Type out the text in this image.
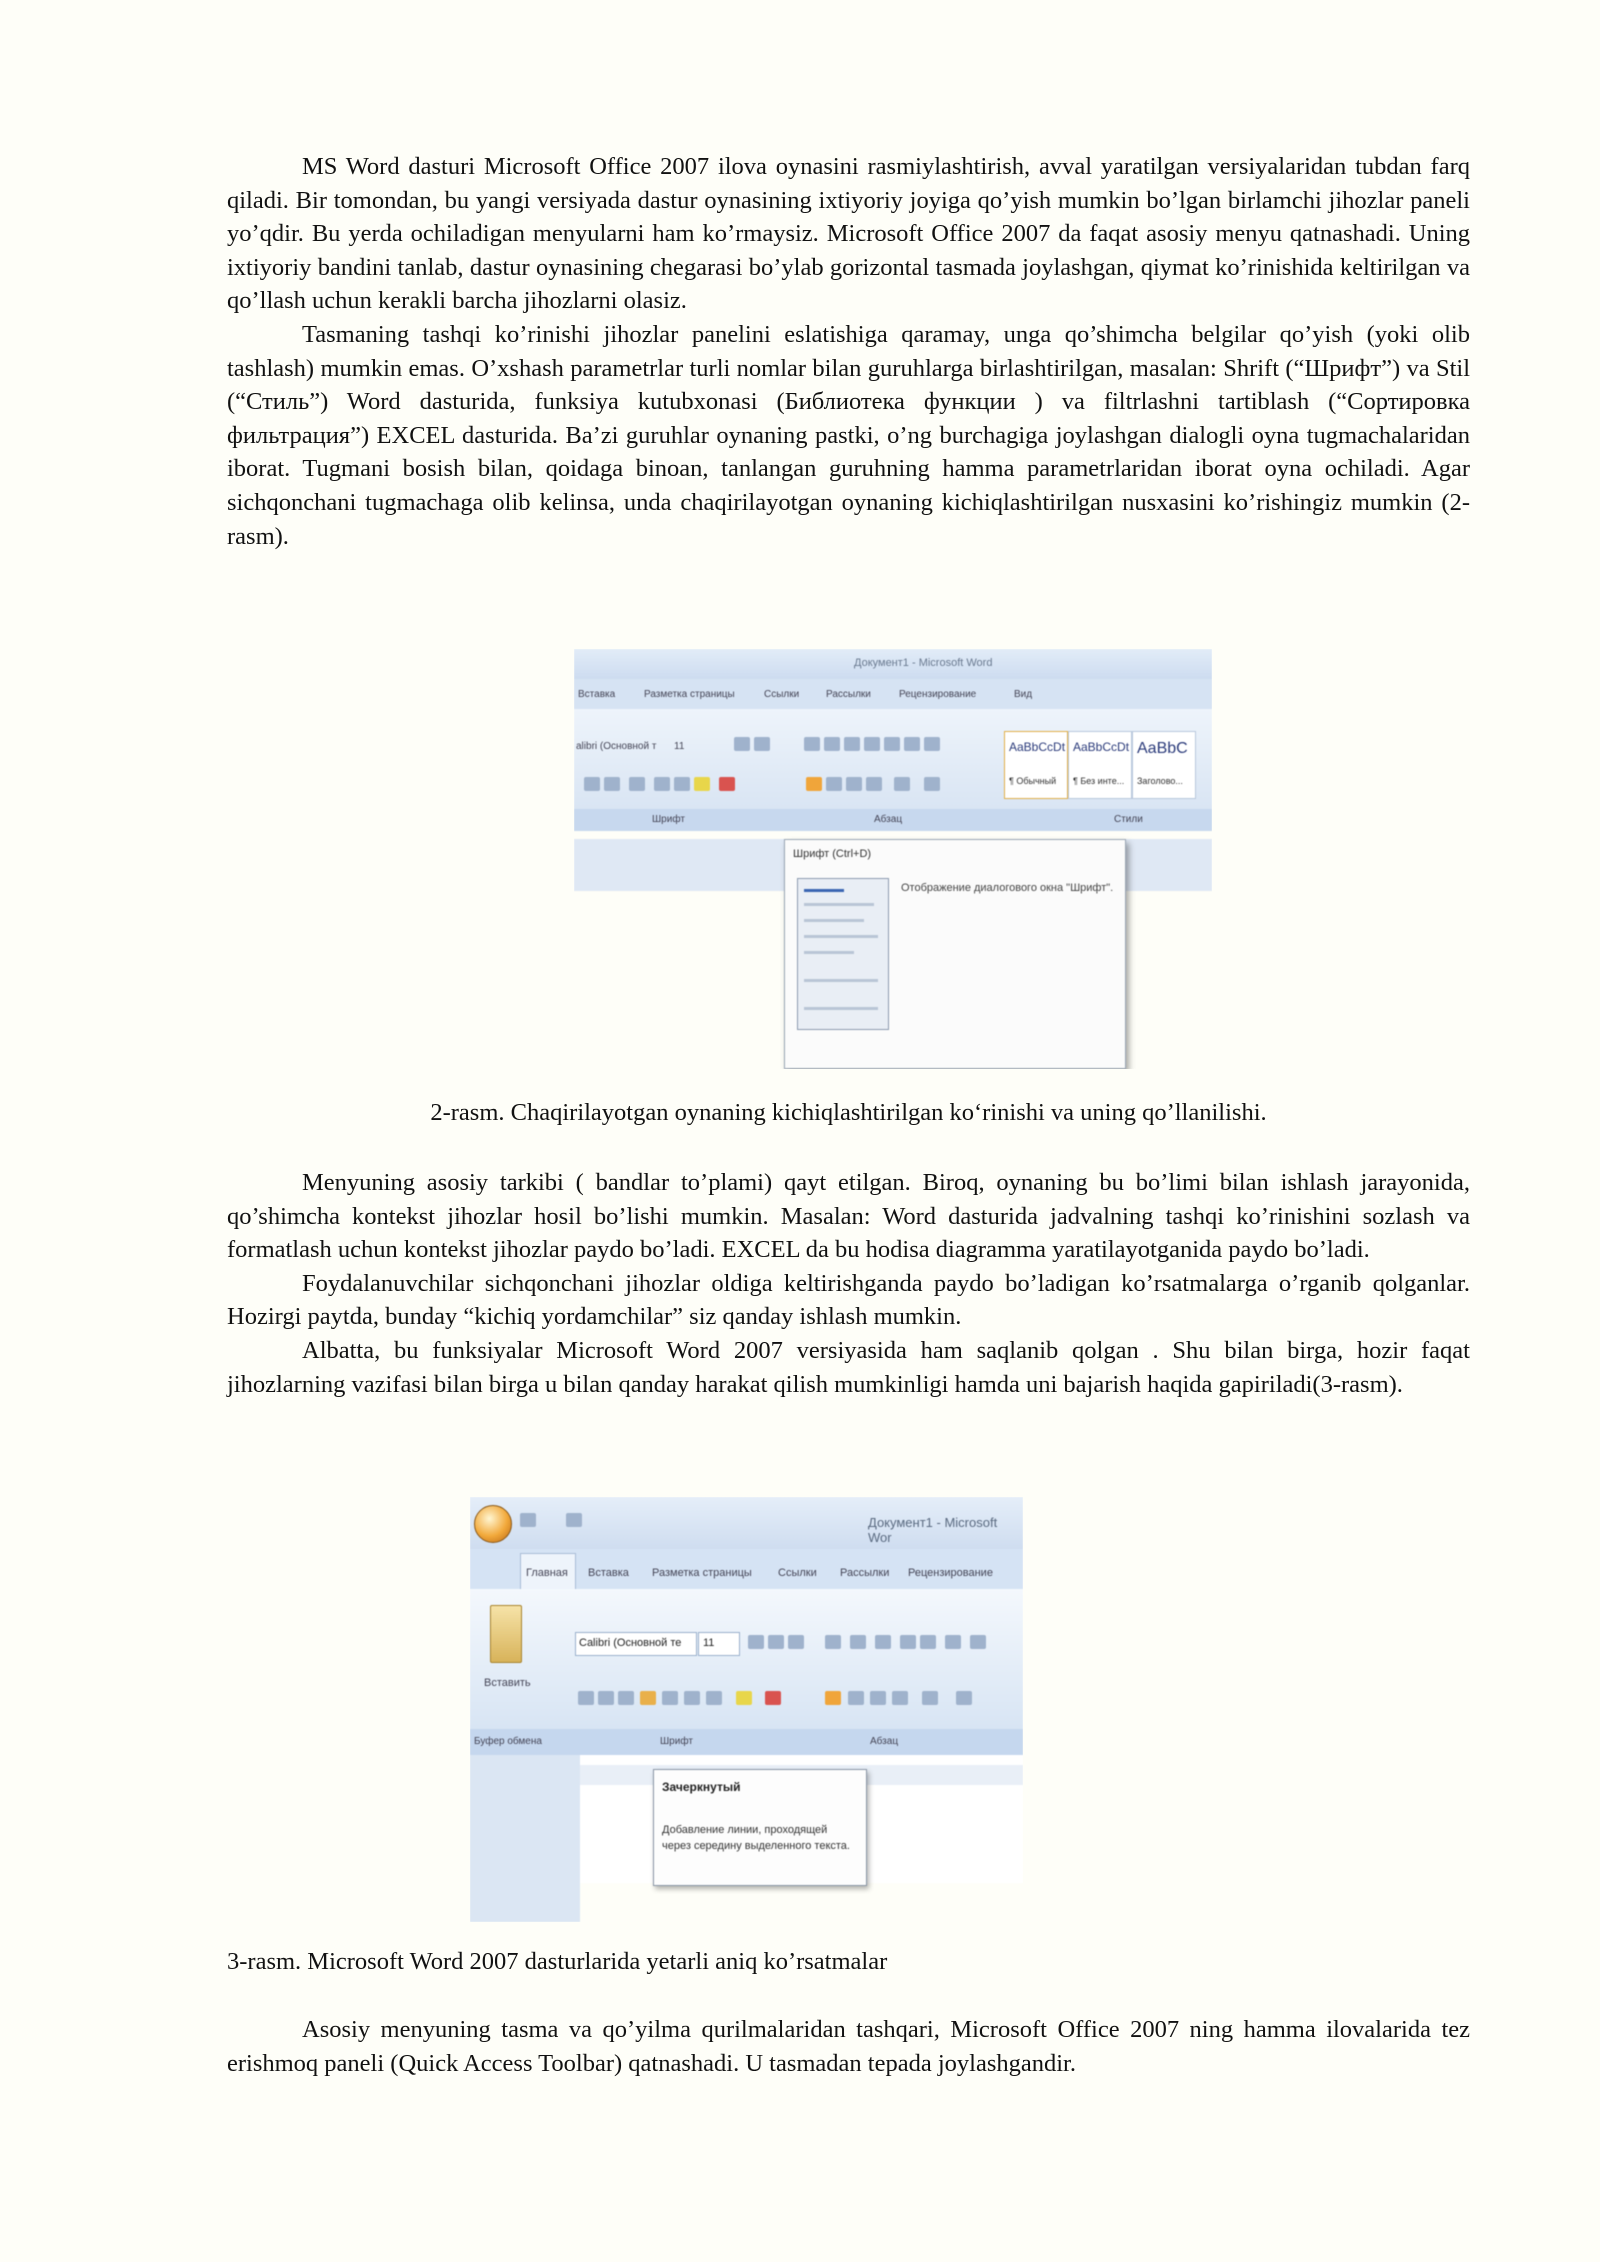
MS Word dasturi Microsoft Office 2007 ilova oynasini rasmiylashtirish, avval yaratilgan versiyalaridan tubdan farq qiladi. Bir tomondan, bu yangi versiyada dastur oynasining ixtiyoriy joyiga qo’yish mumkin bo’lgan birlamchi jihozlar paneli yo’qdir. Bu yerda ochiladigan menyularni ham ko’rmaysiz. Microsoft Office 2007 da faqat asosiy menyu qatnashadi. Uning ixtiyoriy bandini tanlab, dastur oynasining chegarasi bo’ylab gorizontal tasmada joylashgan, qiymat ko’rinishida keltirilgan va qo’llash uchun kerakli barcha jihozlarni olasiz.

Tasmaning tashqi ko’rinishi jihozlar panelini eslatishiga qaramay, unga qo’shimcha belgilar qo’yish (yoki olib tashlash) mumkin emas. O’xshash parametrlar turli nomlar bilan guruhlarga birlashtirilgan, masalan: Shrift (“Шрифт”) va Stil (“Стиль”) Word dasturida, funksiya kutubxonasi (Библиотека функции ) va filtrlashni tartiblash (“Сортировка фильтрация”) EXCEL dasturida. Ba’zi guruhlar oynaning pastki, o’ng burchagiga joylashgan dialogli oyna tugmachalaridan iborat. Tugmani bosish bilan, qoidaga binoan, tanlangan guruhning hamma parametrlaridan iborat oyna ochiladi. Agar sichqonchani tugmachaga olib kelinsa, unda chaqirilayotgan oynaning kichiqlashtirilgan nusxasini ko’rishingiz mumkin (2-rasm).

Документ1 - Microsoft Word
Вставка	Разметка страницы	Ссылки	Рассылки	Рецензирование	Вид
alibri (Основной т 11	AaBbCcDt
¶ Обычный
AaBbCcDt
¶ Без инте...
AaBbC
Заголово...
Шрифт	Абзац	Стили
Шрифт (Ctrl+D)
Отображение диалогового окна "Шрифт".

2-rasm. Chaqirilayotgan oynaning kichiqlashtirilgan ko‘rinishi va uning qo’llanilishi.

Menyuning asosiy tarkibi ( bandlar to’plami) qayt etilgan. Biroq, oynaning bu bo’limi bilan ishlash jarayonida, qo’shimcha kontekst jihozlar hosil bo’lishi mumkin. Masalan: Word dasturida jadvalning tashqi ko’rinishini sozlash va formatlash uchun kontekst jihozlar paydo bo’ladi. EXCEL da bu hodisa diagramma yaratilayotganida paydo bo’ladi.

Foydalanuvchilar sichqonchani jihozlar oldiga keltirishganda paydo bo’ladigan ko’rsatmalarga o’rganib qolganlar. Hozirgi paytda, bunday “kichiq yordamchilar” siz qanday ishlash mumkin.

Albatta, bu funksiyalar Microsoft Word 2007 versiyasida ham saqlanib qolgan . Shu bilan birga, hozir faqat jihozlarning vazifasi bilan birga u bilan qanday harakat qilish mumkinligi hamda uni bajarish haqida gapiriladi(3-rasm).

Документ1 - Microsoft Wor
Главная Вставка Разметка страницы Ссылки Рассылки Рецензирование
Вставить
Calibri (Основной те 11
Буфер обмена	Шрифт	Абзац
Зачеркнутый
Добавление линии, проходящей через середину выделенного текста.

3-rasm. Microsoft Word 2007 dasturlarida yetarli aniq ko’rsatmalar

Asosiy menyuning tasma va qo’yilma qurilmalaridan tashqari, Microsoft Office 2007 ning hamma ilovalarida tez erishmoq paneli (Quick Access Toolbar) qatnashadi. U tasmadan tepada joylashgandir.
